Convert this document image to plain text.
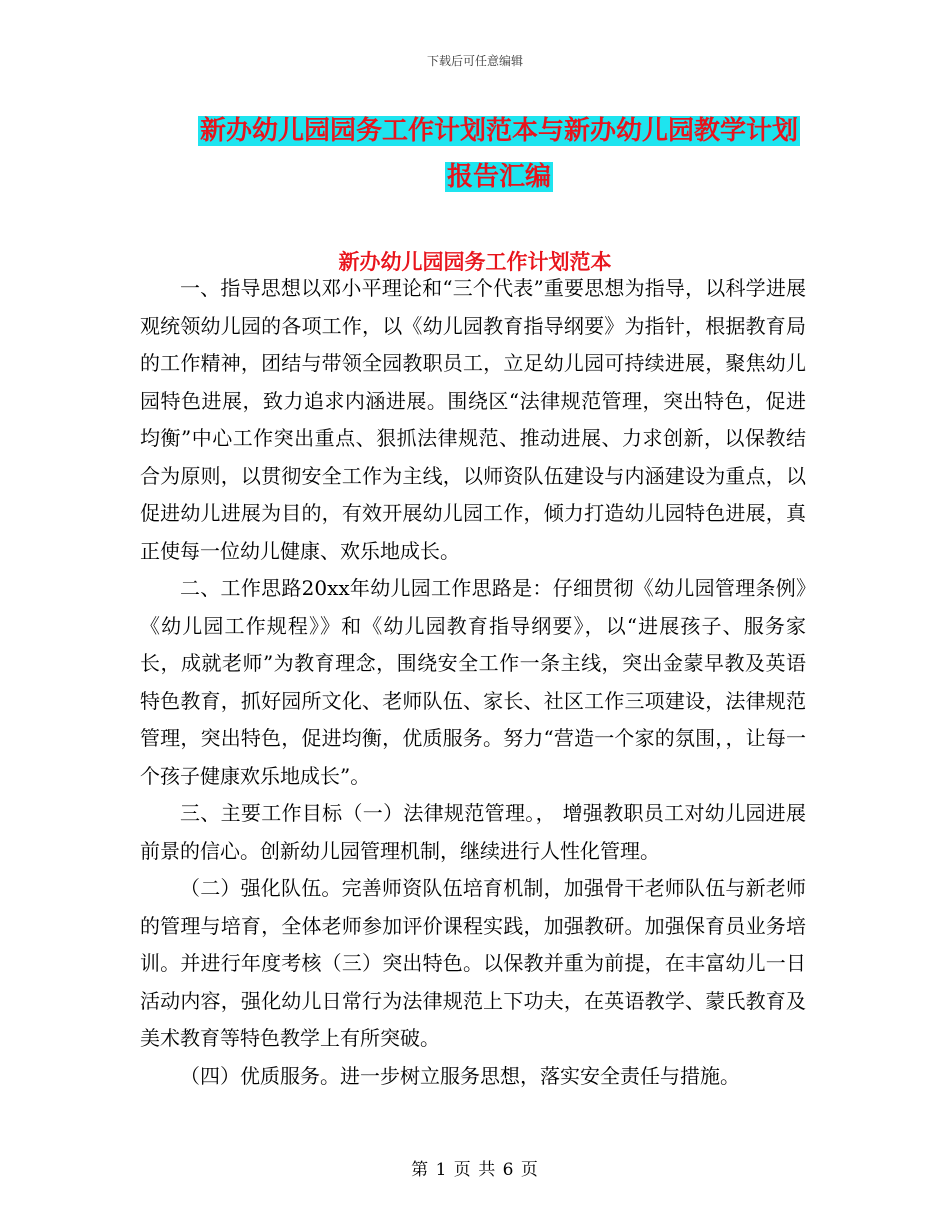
下载后可任意编辑
新办幼儿园园务工作计划范本与新办幼儿园教学计划
报告汇编
新办幼儿园园务工作计划范本

一、指导思想以邓小平理论和“三个代表”重要思想为指导，以科学进展观统领幼儿园的各项工作，以《幼儿园教育指导纲要》为指针，根据教育局的工作精神，团结与带领全园教职员工，立足幼儿园可持续进展，聚焦幼儿园特色进展，致力追求内涵进展。围绕区“法律规范管理，突出特色，促进均衡”中心工作突出重点、狠抓法律规范、推动进展、力求创新，以保教结合为原则，以贯彻安全工作为主线，以师资队伍建设与内涵建设为重点，以促进幼儿进展为目的，有效开展幼儿园工作，倾力打造幼儿园特色进展，真正使每一位幼儿健康、欢乐地成长。

二、工作思路20xx年幼儿园工作思路是：仔细贯彻《幼儿园管理条例》《幼儿园工作规程》》和《幼儿园教育指导纲要》，以“进展孩子、服务家长，成就老师”为教育理念，围绕安全工作一条主线，突出金蒙早教及英语特色教育，抓好园所文化、老师队伍、家长、社区工作三项建设，法律规范管理，突出特色，促进均衡，优质服务。努力“营造一个家的氛围，，让每一个孩子健康欢乐地成长”。

三、主要工作目标（一）法律规范管理。， 增强教职员工对幼儿园进展前景的信心。创新幼儿园管理机制，继续进行人性化管理。

（二）强化队伍。完善师资队伍培育机制，加强骨干老师队伍与新老师的管理与培育，全体老师参加评价课程实践，加强教研。加强保育员业务培训。并进行年度考核（三）突出特色。以保教并重为前提，在丰富幼儿一日活动内容，强化幼儿日常行为法律规范上下功夫，在英语教学、蒙氏教育及美术教育等特色教学上有所突破。

（四）优质服务。进一步树立服务思想，落实安全责任与措施。

第 1 页 共 6 页
